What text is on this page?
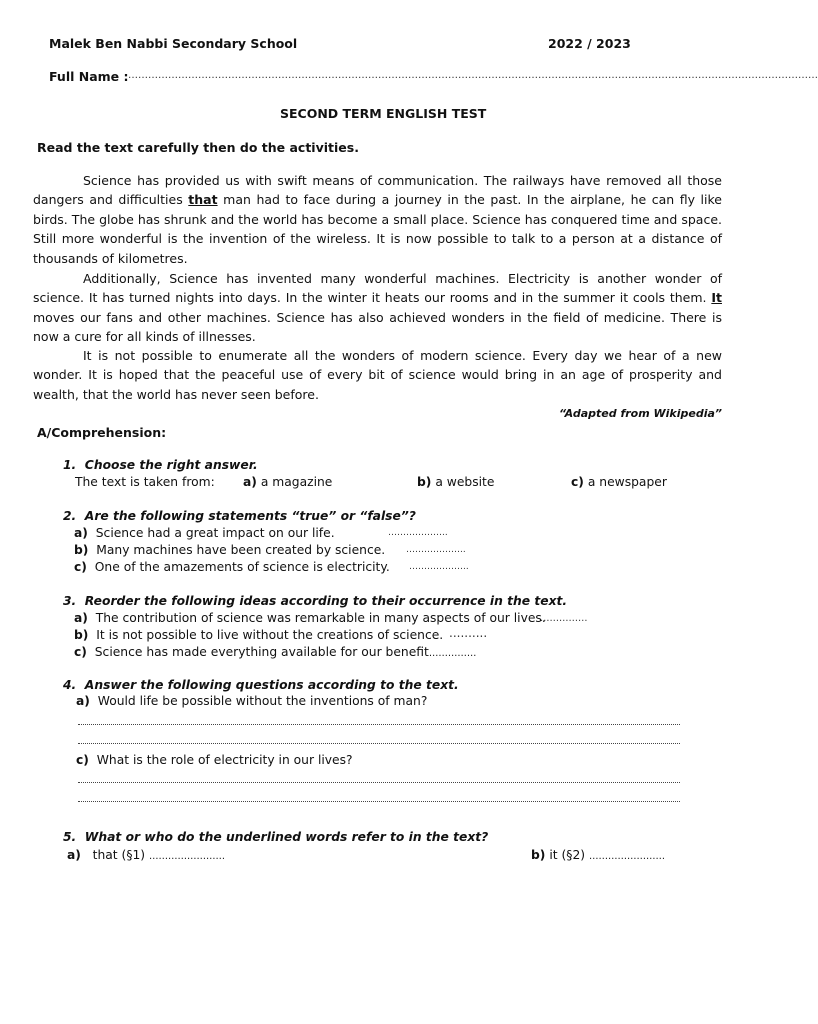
Malek Ben Nabbi Secondary School	2022 / 2023
Full Name : ………………………………………………………………………………………………………………………………………………………………………………………
SECOND TERM ENGLISH TEST
Read the text carefully then do the activities.
Science has provided us with swift means of communication. The railways have removed all those dangers and difficulties that man had to face during a journey in the past. In the airplane, he can fly like birds. The globe has shrunk and the world has become a small place. Science has conquered time and space. Still more wonderful is the invention of the wireless. It is now possible to talk to a person at a distance of thousands of kilometres.
Additionally, Science has invented many wonderful machines. Electricity is another wonder of science. It has turned nights into days. In the winter it heats our rooms and in the summer it cools them. It moves our fans and other machines. Science has also achieved wonders in the field of medicine. There is now a cure for all kinds of illnesses.
It is not possible to enumerate all the wonders of modern science. Every day we hear of a new wonder. It is hoped that the peaceful use of every bit of science would bring in an age of prosperity and wealth, that the world has never seen before.
“Adapted from Wikipedia”
A/Comprehension:
1. Choose the right answer.
The text is taken from: a) a magazine	b) a website	c) a newspaper
2. Are the following statements “true” or “false”?
a) Science had a great impact on our life.	………………..
b) Many machines have been created by science. ………………..
c) One of the amazements of science is electricity. ………………..
3. Reorder the following ideas according to their occurrence in the text.
a) The contribution of science was remarkable in many aspects of our lives.
……………
b) It is not possible to live without the creations of science. ..........
c) Science has made everything available for our benefit……………
4. Answer the following questions according to the text.
a) Would life be possible without the inventions of man?
c) What is the role of electricity in our lives?
5. What or who do the underlined words refer to in the text?
a) that (§1) ……………………	b) it (§2) ……………………
